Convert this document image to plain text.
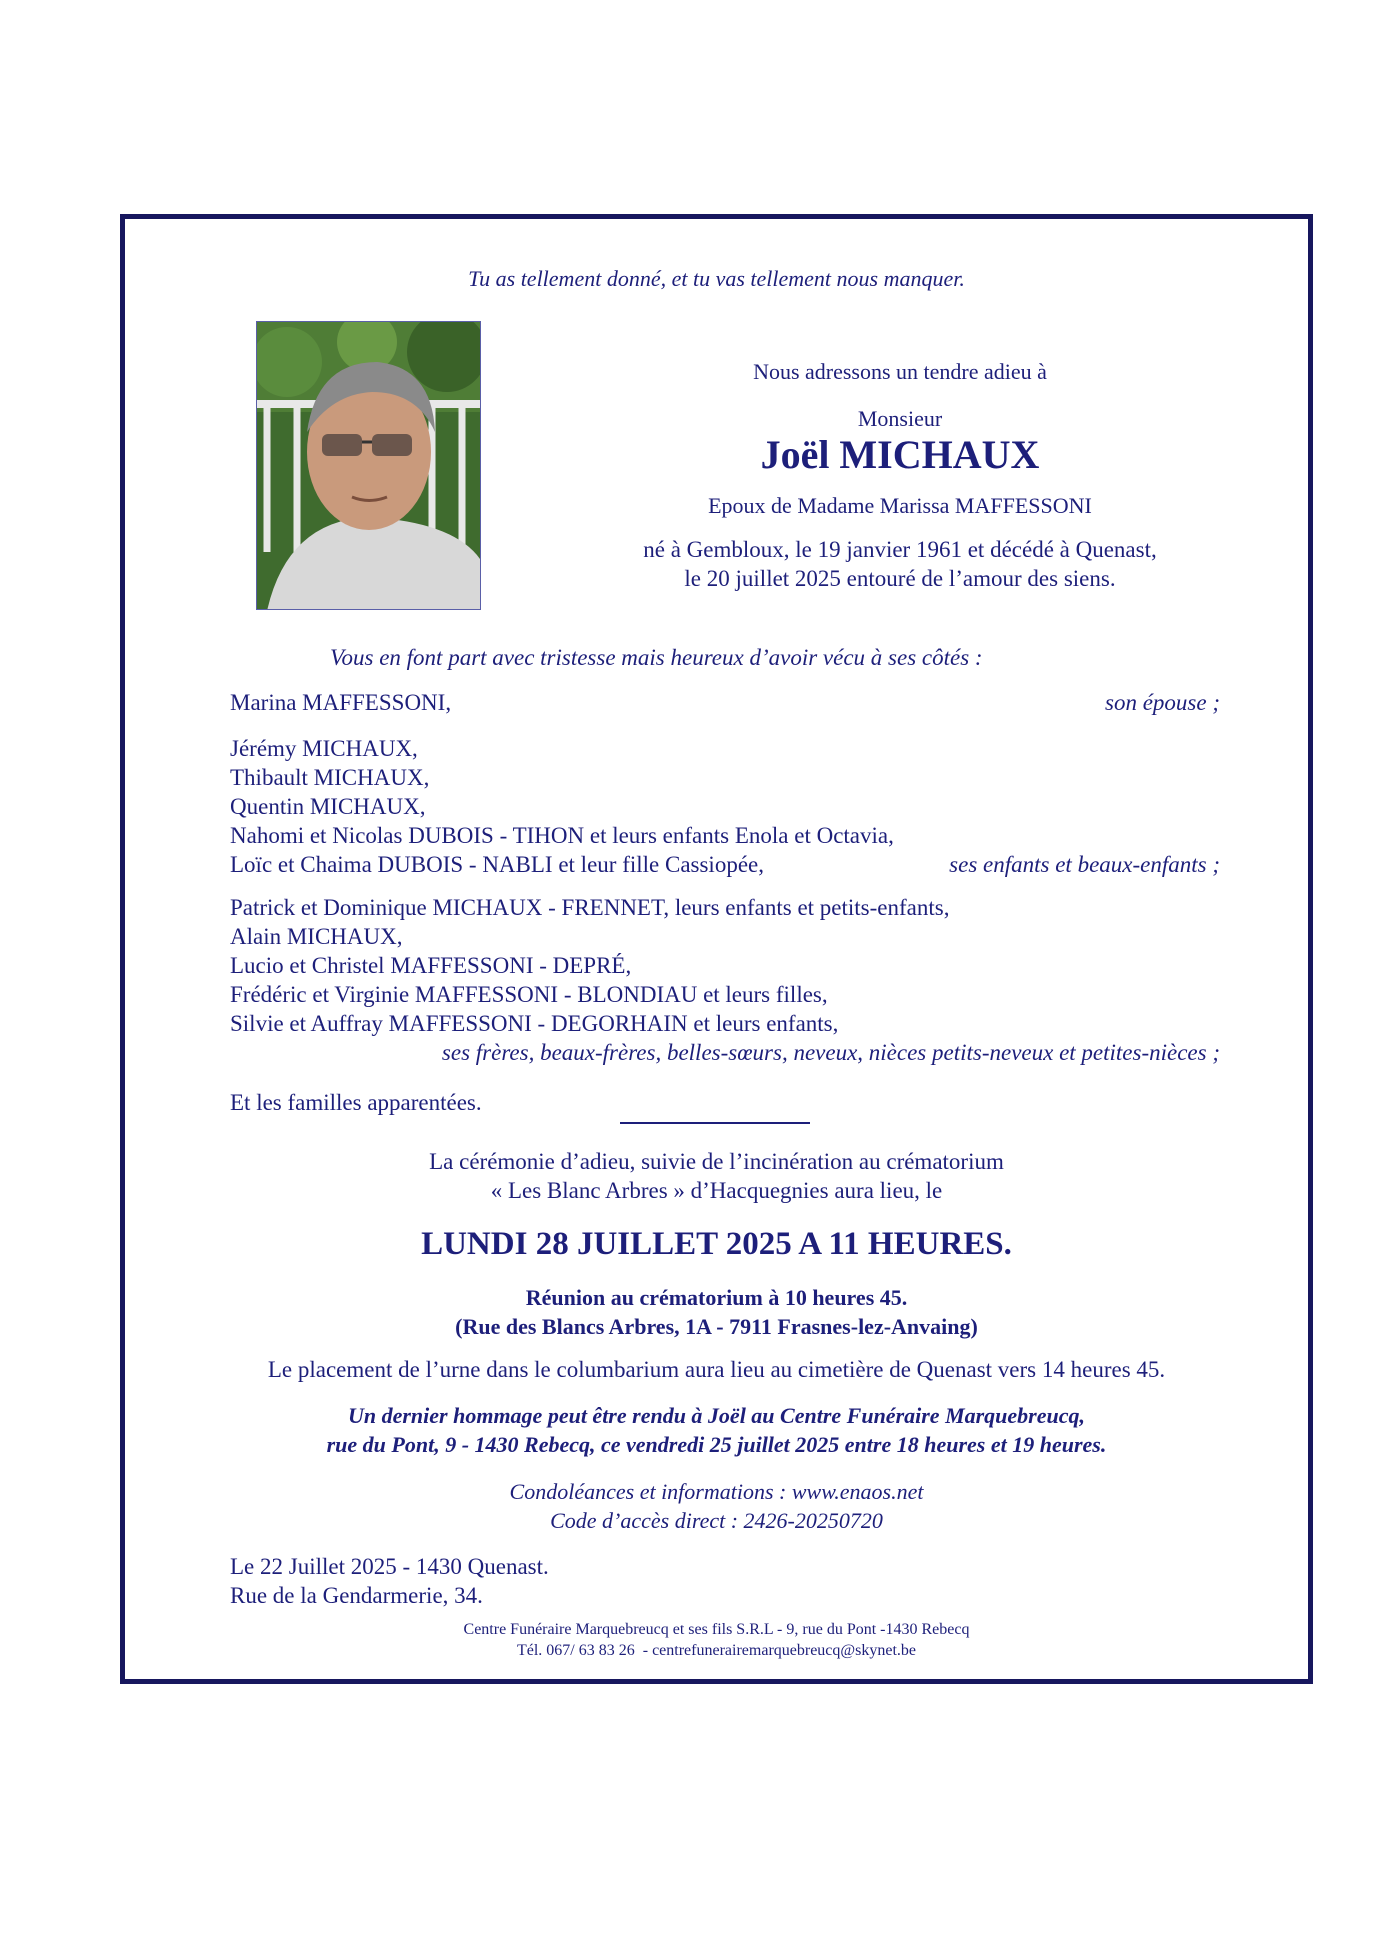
Tu as tellement donné, et tu vas tellement nous manquer.
Nous adressons un tendre adieu à
Monsieur
Joël MICHAUX
Epoux de Madame Marissa MAFFESSONI
né à Gembloux, le 19 janvier 1961 et décédé à Quenast,
le 20 juillet 2025 entouré de l’amour des siens.
Vous en font part avec tristesse mais heureux d’avoir vécu à ses côtés :
Marina MAFFESSONI,	son épouse ;
Jérémy MICHAUX,
Thibault MICHAUX,
Quentin MICHAUX,
Nahomi et Nicolas DUBOIS - TIHON et leurs enfants Enola et Octavia,
Loïc et Chaima DUBOIS - NABLI et leur fille Cassiopée,	ses enfants et beaux-enfants ;
Patrick et Dominique MICHAUX - FRENNET, leurs enfants et petits-enfants,
Alain MICHAUX,
Lucio et Christel MAFFESSONI - DEPRÉ,
Frédéric et Virginie MAFFESSONI - BLONDIAU et leurs filles,
Silvie et Auffray MAFFESSONI - DEGORHAIN et leurs enfants,
ses frères, beaux-frères, belles-sœurs, neveux, nièces petits-neveux et petites-nièces ;
Et les familles apparentées.
La cérémonie d’adieu, suivie de l’incinération au crématorium
« Les Blanc Arbres » d’Hacquegnies aura lieu, le
LUNDI 28 JUILLET 2025 A 11 HEURES.
Réunion au crématorium à 10 heures 45.
(Rue des Blancs Arbres, 1A - 7911 Frasnes-lez-Anvaing)
Le placement de l’urne dans le columbarium aura lieu au cimetière de Quenast vers 14 heures 45.
Un dernier hommage peut être rendu à Joël au Centre Funéraire Marquebreucq,
rue du Pont, 9 - 1430 Rebecq, ce vendredi 25 juillet 2025 entre 18 heures et 19 heures.
Condoléances et informations : www.enaos.net
Code d’accès direct : 2426-20250720
Le 22 Juillet 2025 - 1430 Quenast.
Rue de la Gendarmerie, 34.
Centre Funéraire Marquebreucq et ses fils S.R.L - 9, rue du Pont -1430 Rebecq
Tél. 067/ 63 83 26  - centrefunerairemarquebreucq@skynet.be
